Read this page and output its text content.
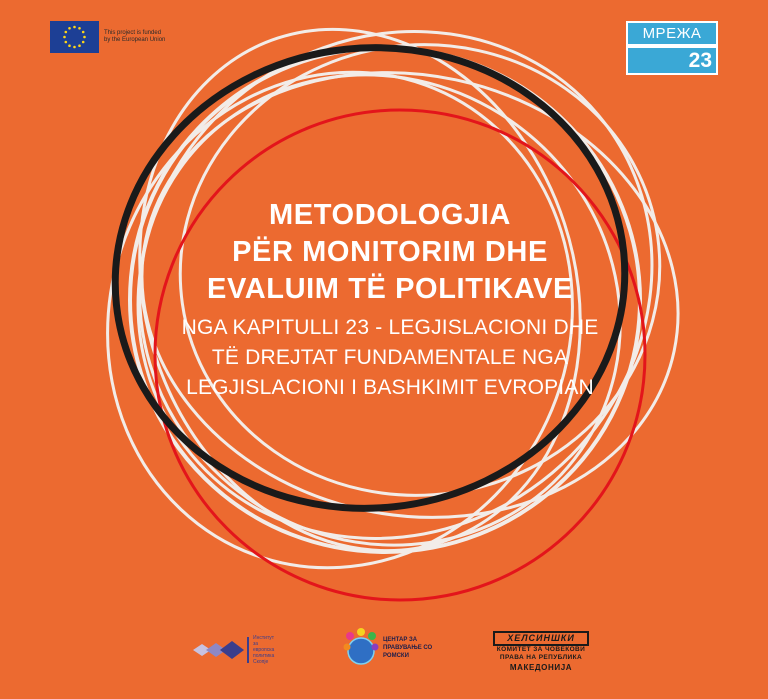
This project is funded
by the European Union	МРЕЖА
23
METODOLOGJIA
PËR MONITORIM DHE
EVALUIM TË POLITIKAVE
NGA KAPITULLI 23 - LEGJISLACIONI DHE
TË DREJTAT FUNDAMENTALE NGA
LEGJISLACIONI I BASHKIMIT EVROPIAN
Институт
за
европска
политика
Скопје
ЦЕНТАР ЗА
ПРАВУВАЊЕ СО
РОМСКИ
ХЕЛСИНШКИ
КОМИТЕТ ЗА ЧОВЕКОВИ
ПРАВА НА РЕПУБЛИКА
МАКЕДОНИЈА
